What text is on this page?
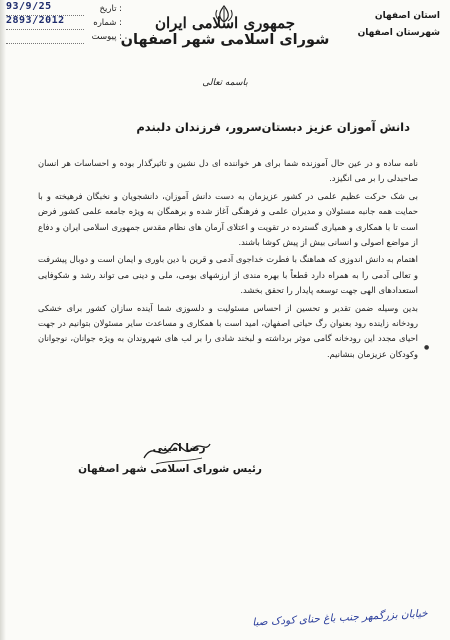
جمهوری اسلامی ایران
شورای اسلامی شهر اصفهان
استان اصفهان
شهرستان اصفهان
93/9/25	: تاریخ
2893/2012	: شماره
: پیوست
باسمه تعالی
دانش آموزان عزیز دبستان‌سرور، فرزندان دلبندم

نامه ساده و در عین حال آموزنده شما برای هر خواننده ای دل نشین و تاثیرگذار بوده و احساسات هر انسان صاحبدلی را بر می انگیزد.

بی شک حرکت عظیم علمی در کشور عزیزمان به دست دانش آموزان، دانشجویان و نخبگان فرهیخته و با حمایت همه جانبه مسئولان و مدیران علمی و فرهنگی آغاز شده و برهمگان به ویژه جامعه علمی کشور فرض است تا با همکاری و همیاری گسترده در تقویت و اعتلای آرمان های نظام مقدس جمهوری اسلامی ایران و دفاع از مواضع اصولی و انسانی بیش از پیش کوشا باشند.

اهتمام به دانش اندوزی که هماهنگ با فطرت خداجوی آدمی و قرین با دین باوری و ایمان است و دوبال پیشرفت و تعالی آدمی را به همراه دارد قطعاً با بهره مندی از ارزشهای بومی، ملی و دینی می تواند رشد و شکوفایی استعدادهای الهی جهت توسعه پایدار را تحقق بخشد.

بدین وسیله ضمن تقدیر و تحسین از احساس مسئولیت و دلسوزی شما آینده سازان کشور برای خشکی رودخانه زاینده رود بعنوان رگ حیاتی اصفهان، امید است با همکاری و مساعدت سایر مسئولان بتوانیم در جهت احیای مجدد این رودخانه گامی موثر برداشته و لبخند شادی را بر لب های شهروندان به ویژه جوانان، نوجوانان وکودکان عزیزمان بنشانیم.

●
رضا امینی
رئیس شورای اسلامی شهر اصفهان
خیابان بزرگمهر جنب باغ حنای کودک صبا
